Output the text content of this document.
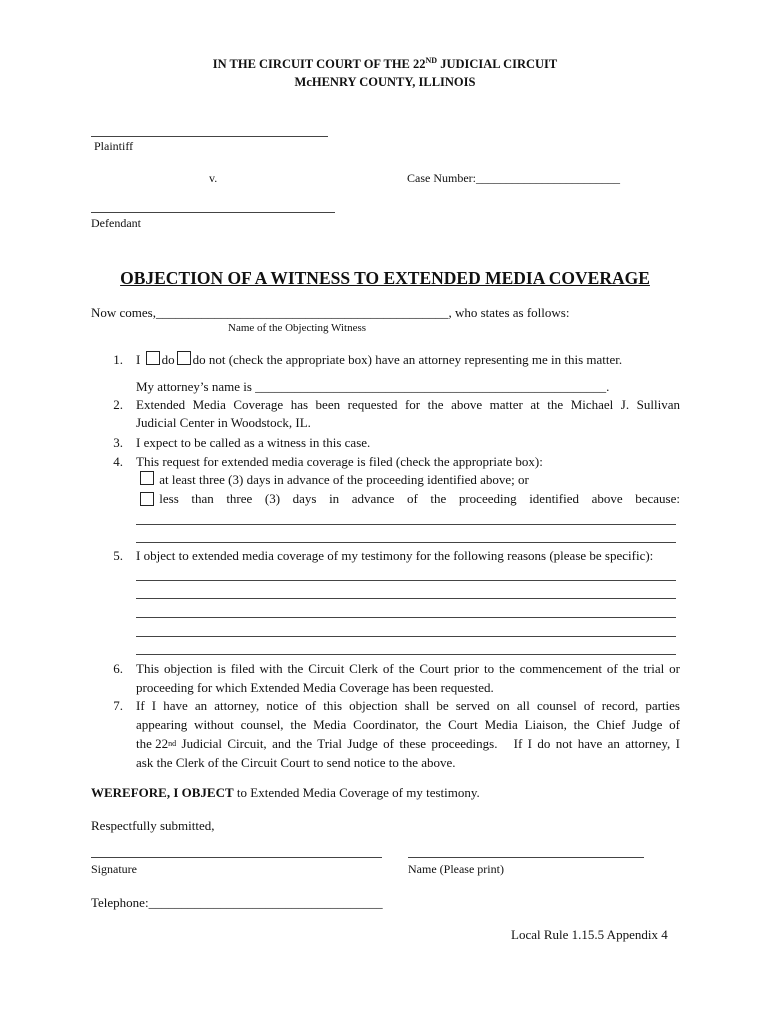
IN THE CIRCUIT COURT OF THE 22ND JUDICIAL CIRCUIT
McHENRY COUNTY, ILLINOIS
Plaintiff
v.	Case Number:________________________
Defendant
OBJECTION OF A WITNESS TO EXTENDED MEDIA COVERAGE
Now comes,_____________________________________________, who states as follows:
Name of the Objecting Witness
1. I do do not (check the appropriate box) have an attorney representing me in this matter.
My attorney’s name is ______________________________________________________.
2. Extended Media Coverage has been requested for the above matter at the Michael J. Sullivan
Judicial Center in Woodstock, IL.
3. I expect to be called as a witness in this case.
4. This request for extended media coverage is filed (check the appropriate box):
at least three (3) days in advance of the proceeding identified above; or

less than three (3) days in advance of the proceeding identified above because:
5. I object to extended media coverage of my testimony for the following reasons (please be specific):
6. This objection is filed with the Circuit Clerk of the Court prior to the commencement of the trial or
proceeding for which Extended Media Coverage has been requested.
7. If I have an attorney, notice of this objection shall be served on all counsel of record, parties
appearing without counsel, the Media Coordinator, the Court Media Liaison, the Chief Judge of
the 22 nd Judicial Circuit, and the Trial Judge of these proceedings.   If I do not have an attorney, I
ask the Clerk of the Circuit Court to send notice to the above.
WEREFORE, I OBJECT to Extended Media Coverage of my testimony.
Respectfully submitted,
Signature	Name (Please print)
Telephone:____________________________________
Local Rule 1.15.5 Appendix 4
